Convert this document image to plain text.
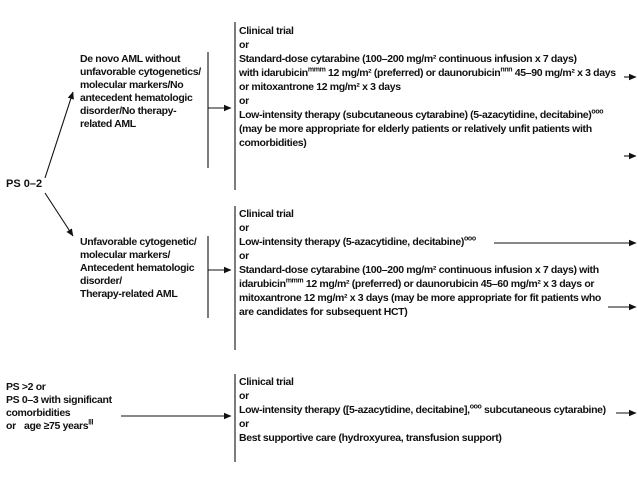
PS 0–2
De novo AML without
unfavorable cytogenetics/
molecular markers/No
antecedent hematologic
disorder/No therapy-
related AML
Clinical trial
or
Standard-dose cytarabine (100–200 mg/m² continuous infusion x 7 days)
with idarubicin$^{mmm}$ 12 mg/m² (preferred) or daunorubicin$^{nnn}$ 45–90 mg/m² x 3 days
or mitoxantrone 12 mg/m² x 3 days
or
Low-intensity therapy (subcutaneous cytarabine) (5-azacytidine, decitabine)$^{ooo}$
(may be more appropriate for elderly patients or relatively unfit patients with
comorbidities)
Unfavorable cytogenetic/
molecular markers/
Antecedent hematologic
disorder/
Therapy-related AML
Clinical trial
or
Low-intensity therapy (5-azacytidine, decitabine)$^{ooo}$
or
Standard-dose cytarabine (100–200 mg/m² continuous infusion x 7 days) with
idarubicin$^{mmm}$ 12 mg/m² (preferred) or daunorubicin 45–60 mg/m² x 3 days or
mitoxantrone 12 mg/m² x 3 days (may be more appropriate for fit patients who
are candidates for subsequent HCT)
PS >2 or
PS 0–3 with significant
comorbidities
or age ≥75 years$^{lll}$
Clinical trial
or
Low-intensity therapy ([5-azacytidine, decitabine],$^{ooo}$ subcutaneous cytarabine)
or
Best supportive care (hydroxyurea, transfusion support)
